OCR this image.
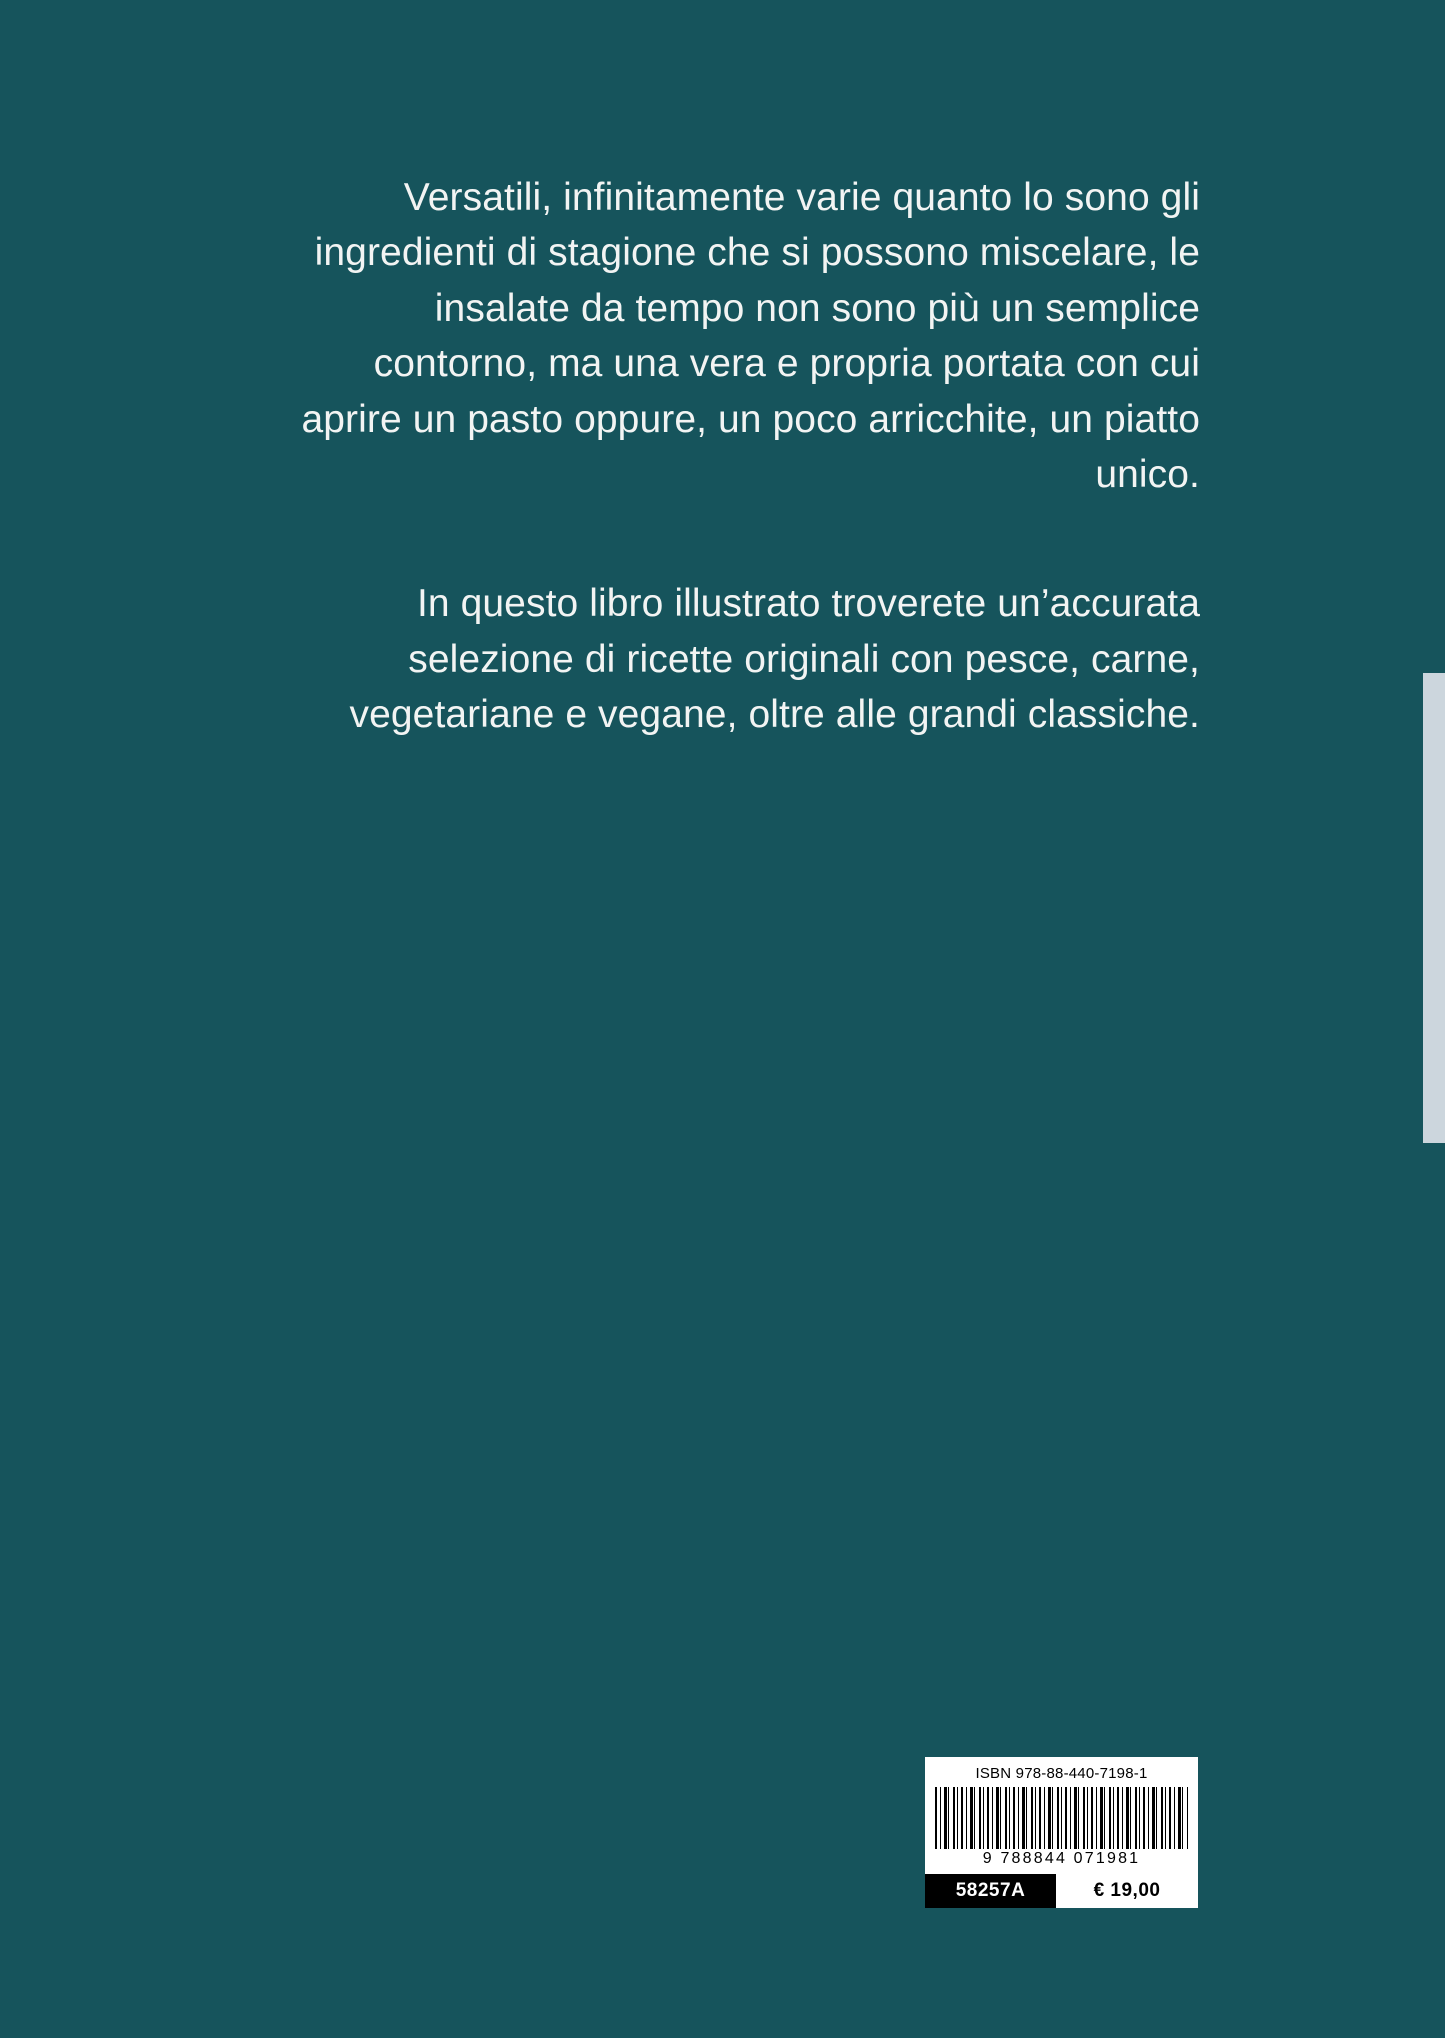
Versatili, infinitamente varie quanto lo sono gli ingredienti di stagione che si possono miscelare, le insalate da tempo non sono più un semplice contorno, ma una vera e propria portata con cui aprire un pasto oppure, un poco arricchite, un piatto unico.

In questo libro illustrato troverete un’accurata selezione di ricette originali con pesce, carne, vegetariane e vegane, oltre alle grandi classiche.

ISBN 978-88-440-7198-1
9 788844 071981
58257A	€ 19,00
